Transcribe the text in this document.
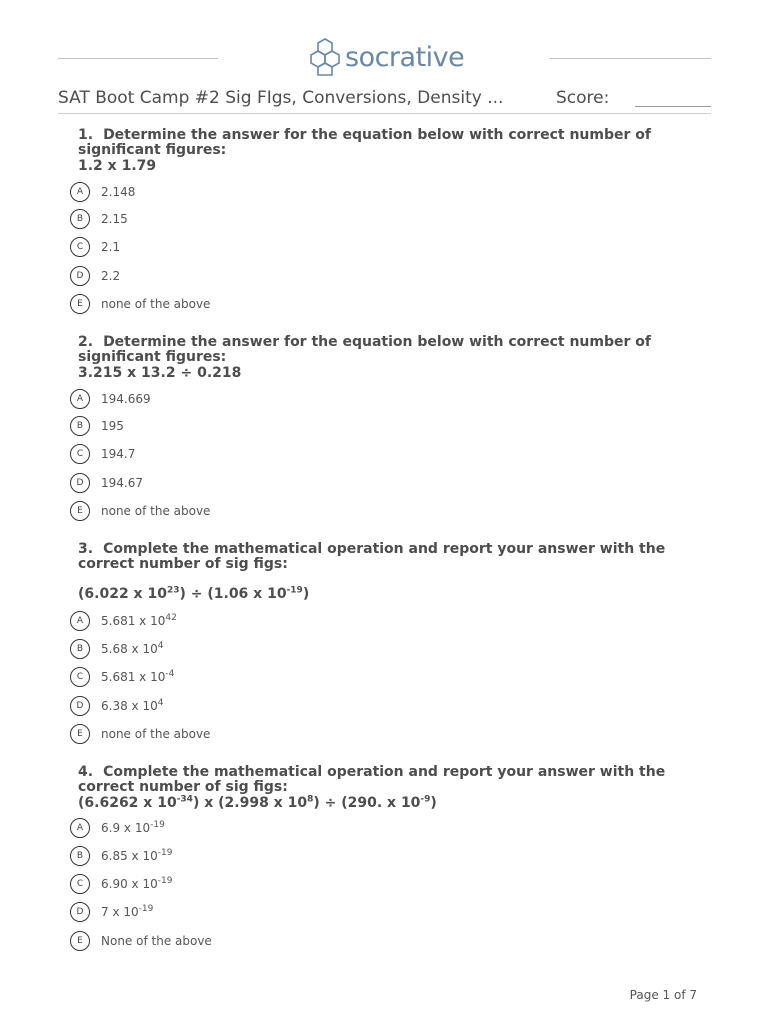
socrative
SAT Boot Camp #2 Sig FIgs, Conversions, Density ...	Score:
1. Determine the answer for the equation below with correct number of significant figures:
1.2 x 1.79
A	2.148
B	2.15
C	2.1
D	2.2
E	none of the above
2. Determine the answer for the equation below with correct number of significant figures:
3.215 x 13.2 ÷ 0.218
A	194.669
B	195
C	194.7
D	194.67
E	none of the above
3. Complete the mathematical operation and report your answer with the correct number of sig figs:
(6.022 x $10^{23}) \div (1.06$ x $10^{-19}$)
A	5.681 x $10^{42}$
B	5.68 x $10^4$
C	5.681 x $10^{-4}$
D	6.38 x $10^4$
E	none of the above
4. Complete the mathematical operation and report your answer with the correct number of sig figs:
(6.6262 x $10^{-34}$) x (2.998 x $10^8) \div (290$. x $10^{-9}$)
A	6.9 x $10^{-19}$
B	6.85 x $10^{-19}$
C	6.90 x $10^{-19}$
D	7 x $10^{-19}$
E	None of the above
Page 1 of 7
